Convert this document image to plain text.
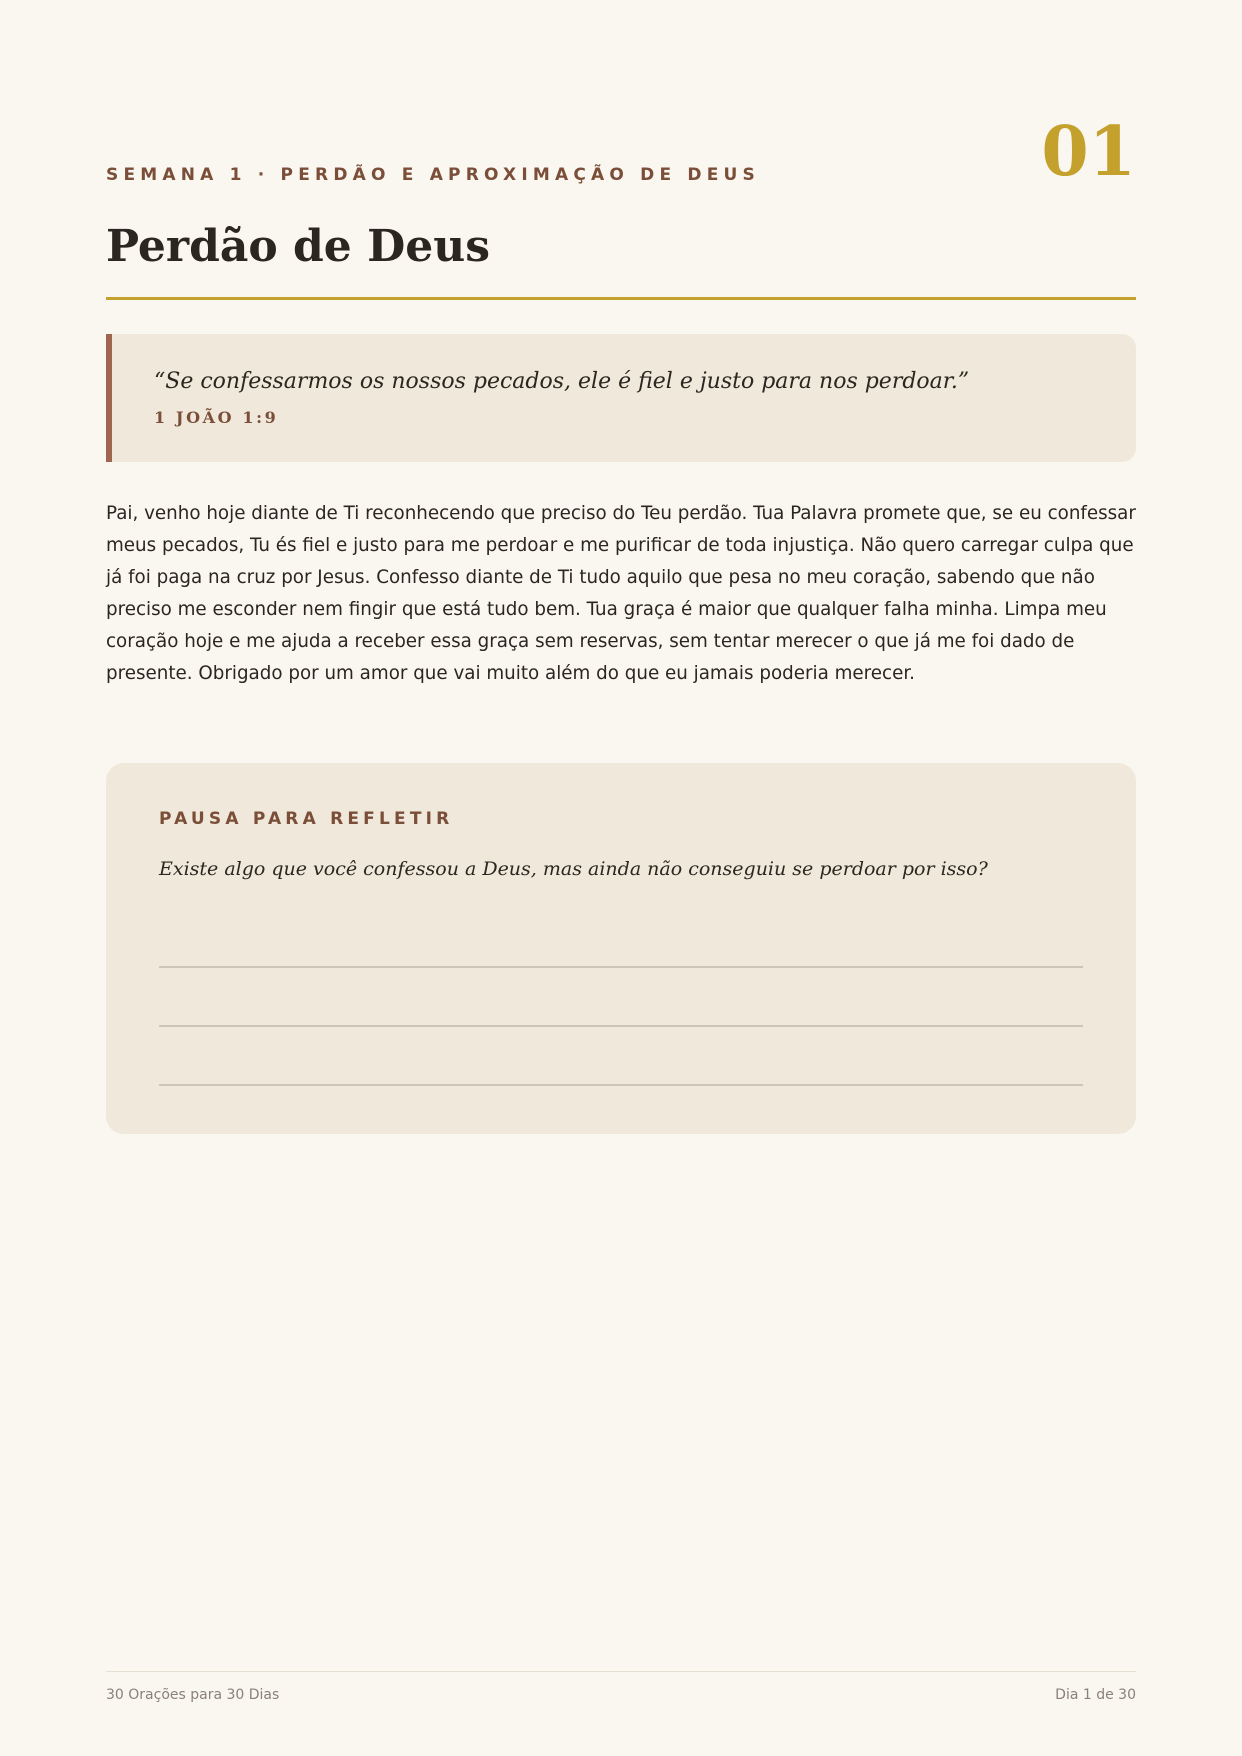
SEMANA 1 · PERDÃO E APROXIMAÇÃO DE DEUS	01
Perdão de Deus
“Se confessarmos os nossos pecados, ele é fiel e justo para nos perdoar.”
1 JOÃO 1:9

Pai, venho hoje diante de Ti reconhecendo que preciso do Teu perdão. Tua Palavra promete que, se eu confessar meus pecados, Tu és fiel e justo para me perdoar e me purificar de toda injustiça. Não quero carregar culpa que já foi paga na cruz por Jesus. Confesso diante de Ti tudo aquilo que pesa no meu coração, sabendo que não preciso me esconder nem fingir que está tudo bem. Tua graça é maior que qualquer falha minha. Limpa meu coração hoje e me ajuda a receber essa graça sem reservas, sem tentar merecer o que já me foi dado de presente. Obrigado por um amor que vai muito além do que eu jamais poderia merecer.

PAUSA PARA REFLETIR
Existe algo que você confessou a Deus, mas ainda não conseguiu se perdoar por isso?
30 Orações para 30 Dias	Dia 1 de 30
